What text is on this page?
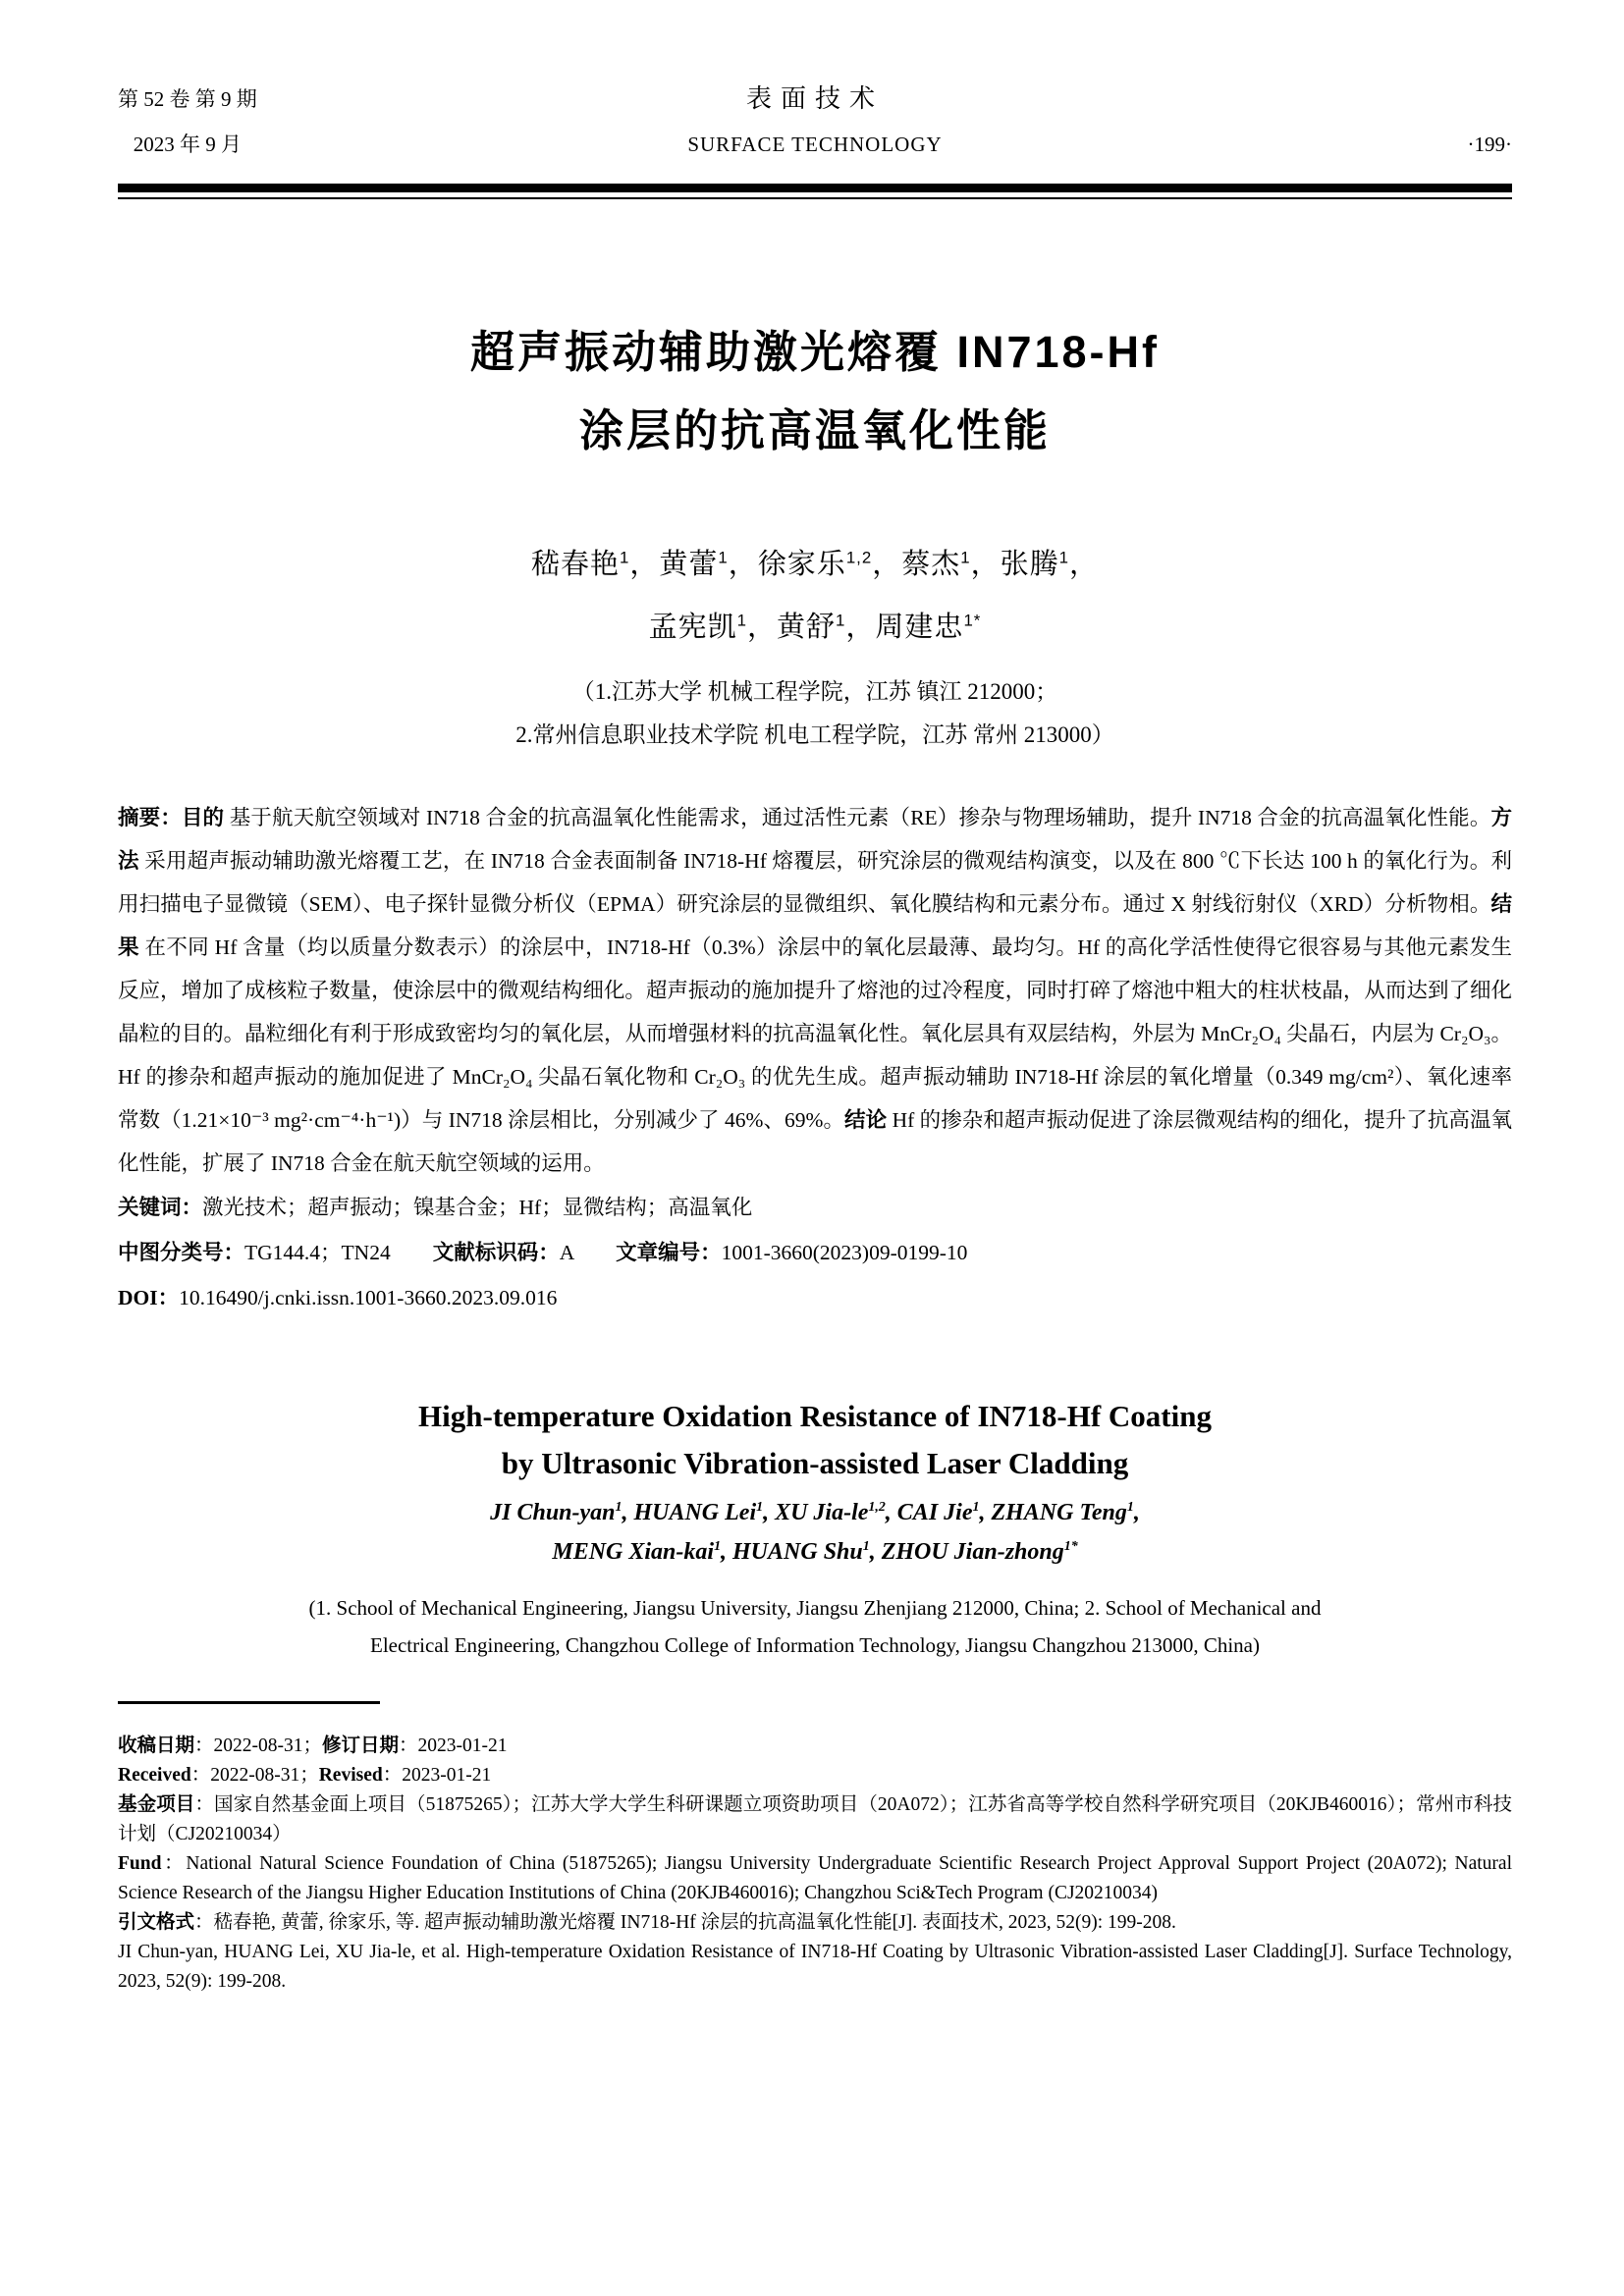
第 52 卷 第 9 期
2023 年 9 月
表面技术
SURFACE TECHNOLOGY	·199·
超声振动辅助激光熔覆 IN718-Hf
涂层的抗高温氧化性能
嵇春艳$^1$，黄蕾$^1$，徐家乐$^{1,2}$，蔡杰$^1$，张腾$^1$，
孟宪凯$^1$，黄舒$^1$，周建忠$^{1*}$
（1.江苏大学 机械工程学院，江苏 镇江 212000；
2.常州信息职业技术学院 机电工程学院，江苏 常州 213000）

摘要：目的 基于航天航空领域对 IN718 合金的抗高温氧化性能需求，通过活性元素（RE）掺杂与物理场辅助，提升 IN718 合金的抗高温氧化性能。方法 采用超声振动辅助激光熔覆工艺，在 IN718 合金表面制备 IN718-Hf 熔覆层，研究涂层的微观结构演变，以及在 800 ℃下长达 100 h 的氧化行为。利用扫描电子显微镜（SEM）、电子探针显微分析仪（EPMA）研究涂层的显微组织、氧化膜结构和元素分布。通过 X 射线衍射仪（XRD）分析物相。结果 在不同 Hf 含量（均以质量分数表示）的涂层中，IN718-Hf（0.3%）涂层中的氧化层最薄、最均匀。Hf 的高化学活性使得它很容易与其他元素发生反应，增加了成核粒子数量，使涂层中的微观结构细化。超声振动的施加提升了熔池的过冷程度，同时打碎了熔池中粗大的柱状枝晶，从而达到了细化晶粒的目的。晶粒细化有利于形成致密均匀的氧化层，从而增强材料的抗高温氧化性。氧化层具有双层结构，外层为 MnCr₂O₄ 尖晶石，内层为 Cr₂O₃。Hf 的掺杂和超声振动的施加促进了 MnCr₂O₄ 尖晶石氧化物和 Cr₂O₃ 的优先生成。超声振动辅助 IN718-Hf 涂层的氧化增量（0.349 mg/cm²）、氧化速率常数（1.21×10⁻³ mg²·cm⁻⁴·h⁻¹)）与 IN718 涂层相比，分别减少了 46%、69%。结论 Hf 的掺杂和超声振动促进了涂层微观结构的细化，提升了抗高温氧化性能，扩展了 IN718 合金在航天航空领域的运用。

关键词：激光技术；超声振动；镍基合金；Hf；显微结构；高温氧化

中图分类号：TG144.4；TN24　　文献标识码：A　　文章编号：1001-3660(2023)09-0199-10

DOI：10.16490/j.cnki.issn.1001-3660.2023.09.016

High-temperature Oxidation Resistance of IN718-Hf Coating
by Ultrasonic Vibration-assisted Laser Cladding
JI Chun-yan$^1$, HUANG Lei$^1$, XU Jia-le$^{1,2}$, CAI Jie$^1$, ZHANG Teng$^1$,
MENG Xian-kai$^1$, HUANG Shu$^1$, ZHOU Jian-zhong$^{1*}$
(1. School of Mechanical Engineering, Jiangsu University, Jiangsu Zhenjiang 212000, China; 2. School of Mechanical and
Electrical Engineering, Changzhou College of Information Technology, Jiangsu Changzhou 213000, China)

收稿日期：2022-08-31；修订日期：2023-01-21

Received：2022-08-31；Revised：2023-01-21

基金项目：国家自然基金面上项目（51875265）；江苏大学大学生科研课题立项资助项目（20A072）；江苏省高等学校自然科学研究项目（20KJB460016）；常州市科技计划（CJ20210034）

Fund：National Natural Science Foundation of China (51875265); Jiangsu University Undergraduate Scientific Research Project Approval Support Project (20A072); Natural Science Research of the Jiangsu Higher Education Institutions of China (20KJB460016); Changzhou Sci&Tech Program (CJ20210034)

引文格式：嵇春艳, 黄蕾, 徐家乐, 等. 超声振动辅助激光熔覆 IN718-Hf 涂层的抗高温氧化性能[J]. 表面技术, 2023, 52(9): 199-208.

JI Chun-yan, HUANG Lei, XU Jia-le, et al. High-temperature Oxidation Resistance of IN718-Hf Coating by Ultrasonic Vibration-assisted Laser Cladding[J]. Surface Technology, 2023, 52(9): 199-208.
